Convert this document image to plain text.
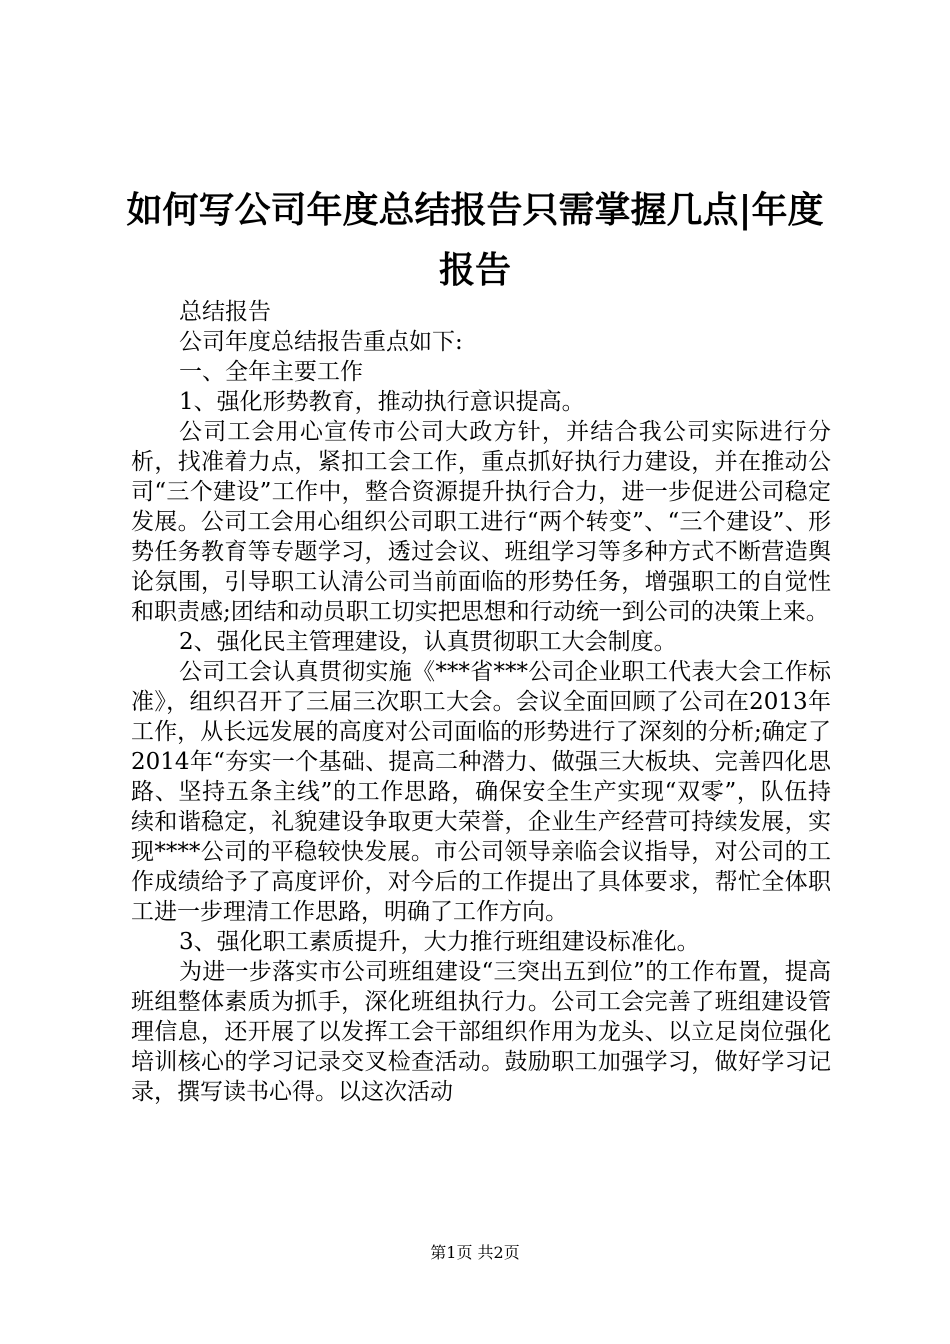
如何写公司年度总结报告只需掌握几点|年度报告

总结报告

公司年度总结报告重点如下:

一、全年主要工作

1、强化形势教育，推动执行意识提高。

公司工会用心宣传市公司大政方针，并结合我公司实际进行分析，找准着力点，紧扣工会工作，重点抓好执行力建设，并在推动公司“三个建设”工作中，整合资源提升执行合力，进一步促进公司稳定发展。公司工会用心组织公司职工进行“两个转变”、“三个建设”、形势任务教育等专题学习，透过会议、班组学习等多种方式不断营造舆论氛围，引导职工认清公司当前面临的形势任务，增强职工的自觉性和职责感;团结和动员职工切实把思想和行动统一到公司的决策上来。

2、强化民主管理建设，认真贯彻职工大会制度。

公司工会认真贯彻实施《***省***公司企业职工代表大会工作标准》，组织召开了三届三次职工大会。会议全面回顾了公司在2013年工作，从长远发展的高度对公司面临的形势进行了深刻的分析;确定了2014年“夯实一个基础、提高二种潜力、做强三大板块、完善四化思路、坚持五条主线”的工作思路，确保安全生产实现“双零”，队伍持续和谐稳定，礼貌建设争取更大荣誉，企业生产经营可持续发展，实现****公司的平稳较快发展。市公司领导亲临会议指导，对公司的工作成绩给予了高度评价，对今后的工作提出了具体要求，帮忙全体职工进一步理清工作思路，明确了工作方向。

3、强化职工素质提升，大力推行班组建设标准化。

为进一步落实市公司班组建设“三突出五到位”的工作布置，提高班组整体素质为抓手，深化班组执行力。公司工会完善了班组建设管理信息，还开展了以发挥工会干部组织作用为龙头、以立足岗位强化培训核心的学习记录交叉检查活动。鼓励职工加强学习，做好学习记录，撰写读书心得。以这次活动

第1页 共2页
